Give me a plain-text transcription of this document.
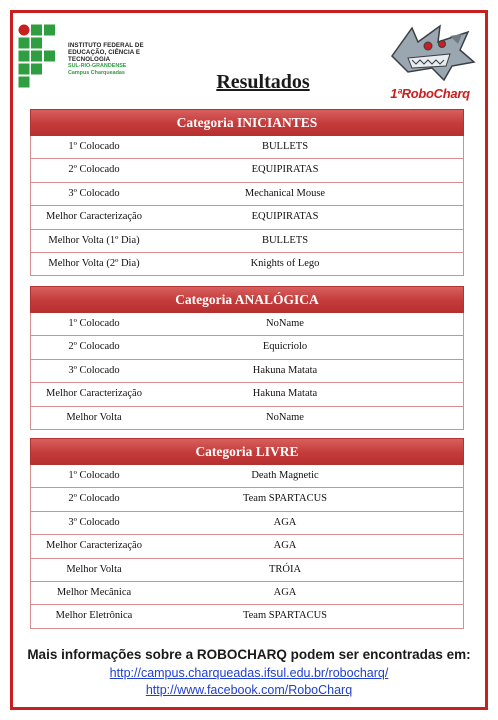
INSTITUTO FEDERAL DE
EDUCAÇÃO, CIÊNCIA E TECNOLOGIA
SUL-RIO-GRANDENSE
Campus Charqueadas	Resultados
1ªRoboCharq
Categoria INICIANTES
1º Colocado	BULLETS
2º Colocado	EQUIPIRATAS
3º Colocado	Mechanical Mouse
Melhor Caracterização	EQUIPIRATAS
Melhor Volta (1º Dia)	BULLETS
Melhor Volta (2º Dia)	Knights of Lego
Categoria ANALÓGICA
1º Colocado	NoName
2º Colocado	Equicriolo
3º Colocado	Hakuna Matata
Melhor Caracterização	Hakuna Matata
Melhor Volta	NoName
Categoria LIVRE
1º Colocado	Death Magnetic
2º Colocado	Team SPARTACUS
3º Colocado	AGA
Melhor Caracterização	AGA
Melhor Volta	TRÓIA
Melhor Mecânica	AGA
Melhor Eletrônica	Team SPARTACUS
Mais informações sobre a ROBOCHARQ podem ser encontradas em:
http://campus.charqueadas.ifsul.edu.br/robocharq/
http://www.facebook.com/RoboCharq
